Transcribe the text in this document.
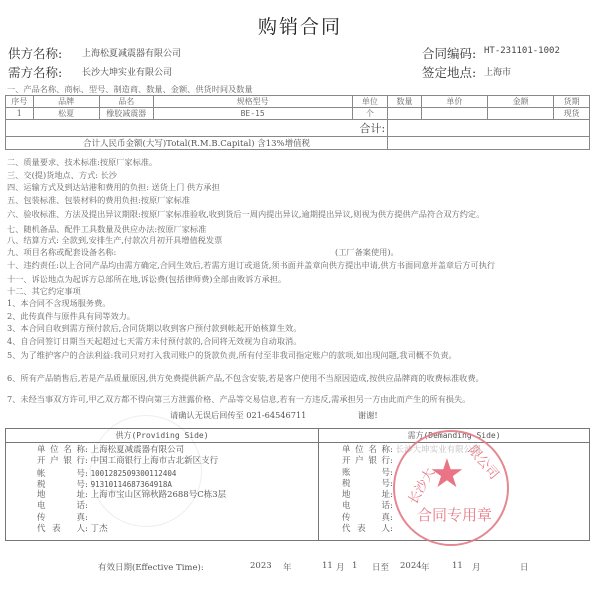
购销合同
供方名称: 上海松夏减震器有限公司
需方名称: 长沙大坤实业有限公司
合同编码: HT-231101-1002
签定地点: 上海市
一、产品名称、商标、型号、制造商、数量、金额、供货时间及数量
序号	品牌	品名	规格型号	单位	数量	单价	金额	货期
1	松夏	橡胶减震器	BE-15	个				现货
合计:								
合计人民币金额(大写)Total(R.M.B.Capital) 含13%增值税								
二、质量要求、技术标准:按原厂家标准。
三、交(提)货地点、方式: 长沙
四、运输方式及到达站港和费用的负担: 送货上门 供方承担
五、包装标准、包装材料的费用负担:按原厂家标准
六、验收标准、方法及提出异议期限:按原厂家标准验收,收到货后一周内提出异议,逾期提出异议,则视为供方提供产品符合双方约定。
七、随机备品、配件工具数量及供应办法:按原厂家标准
八、结算方式: 全款到,安排生产,付款次月初开具增值税发票
九、项目名称或配套设备名称:	(工厂备案使用)。
十、违约责任:以上合同产品均由需方确定,合同生效后,若需方退订或退货,须书面并盖章向供方提出申请,供方书面同意并盖章后方可执行
十一、诉讼地点为起诉方总部所在地,诉讼费(包括律师费)全部由败诉方承担。
十二、其它约定事项
1、本合同不含现场服务费。
2、此传真件与原件具有同等效力。
3、本合同自收到需方预付款后,合同货期以收到客户预付款到帐起开始核算生效。
4、自合同签订日期当天起超过七天需方未付预付款的,合同将无效视为自动取消。
5、为了维护客户的合法利益:我司只对打入我司账户的货款负责,所有付至非我司指定账户的款项,如出现问题,我司概不负责。
6、所有产品销售后,若是产品质量原因,供方免费提供新产品,不包含安装,若是客户使用不当原因造成,按供应品牌商的收费标准收费。
7、未经当事双方许可,甲乙双方都不得向第三方泄露价格、产品等交易信息,若有一方违反,需承担另一方由此而产生的所有损失。
请确认无误后回传至 021-64546711	谢谢!
供方(Providing Side)	需方(Demanding Side)

单位名称: 上海松夏减震器有限公司
开户银行: 中国工商银行上海市古北新区支行
帐 号: 1001282509300112404
税 号: 91310114687364918A
地 址: 上海市宝山区锦秋路2688号C栋3层
电 话:
传 真:
代表 人: 丁杰

单位名称: 长沙大坤实业有限公司
开户银行:
账 号:
税 号:
地 址:
电 话:
传 真:
代表 人:
长沙大
限公司
★
合同专用章
有效日期(Effective Time):	2023 年	11 月 1 日至 2024 年	11 月	日
